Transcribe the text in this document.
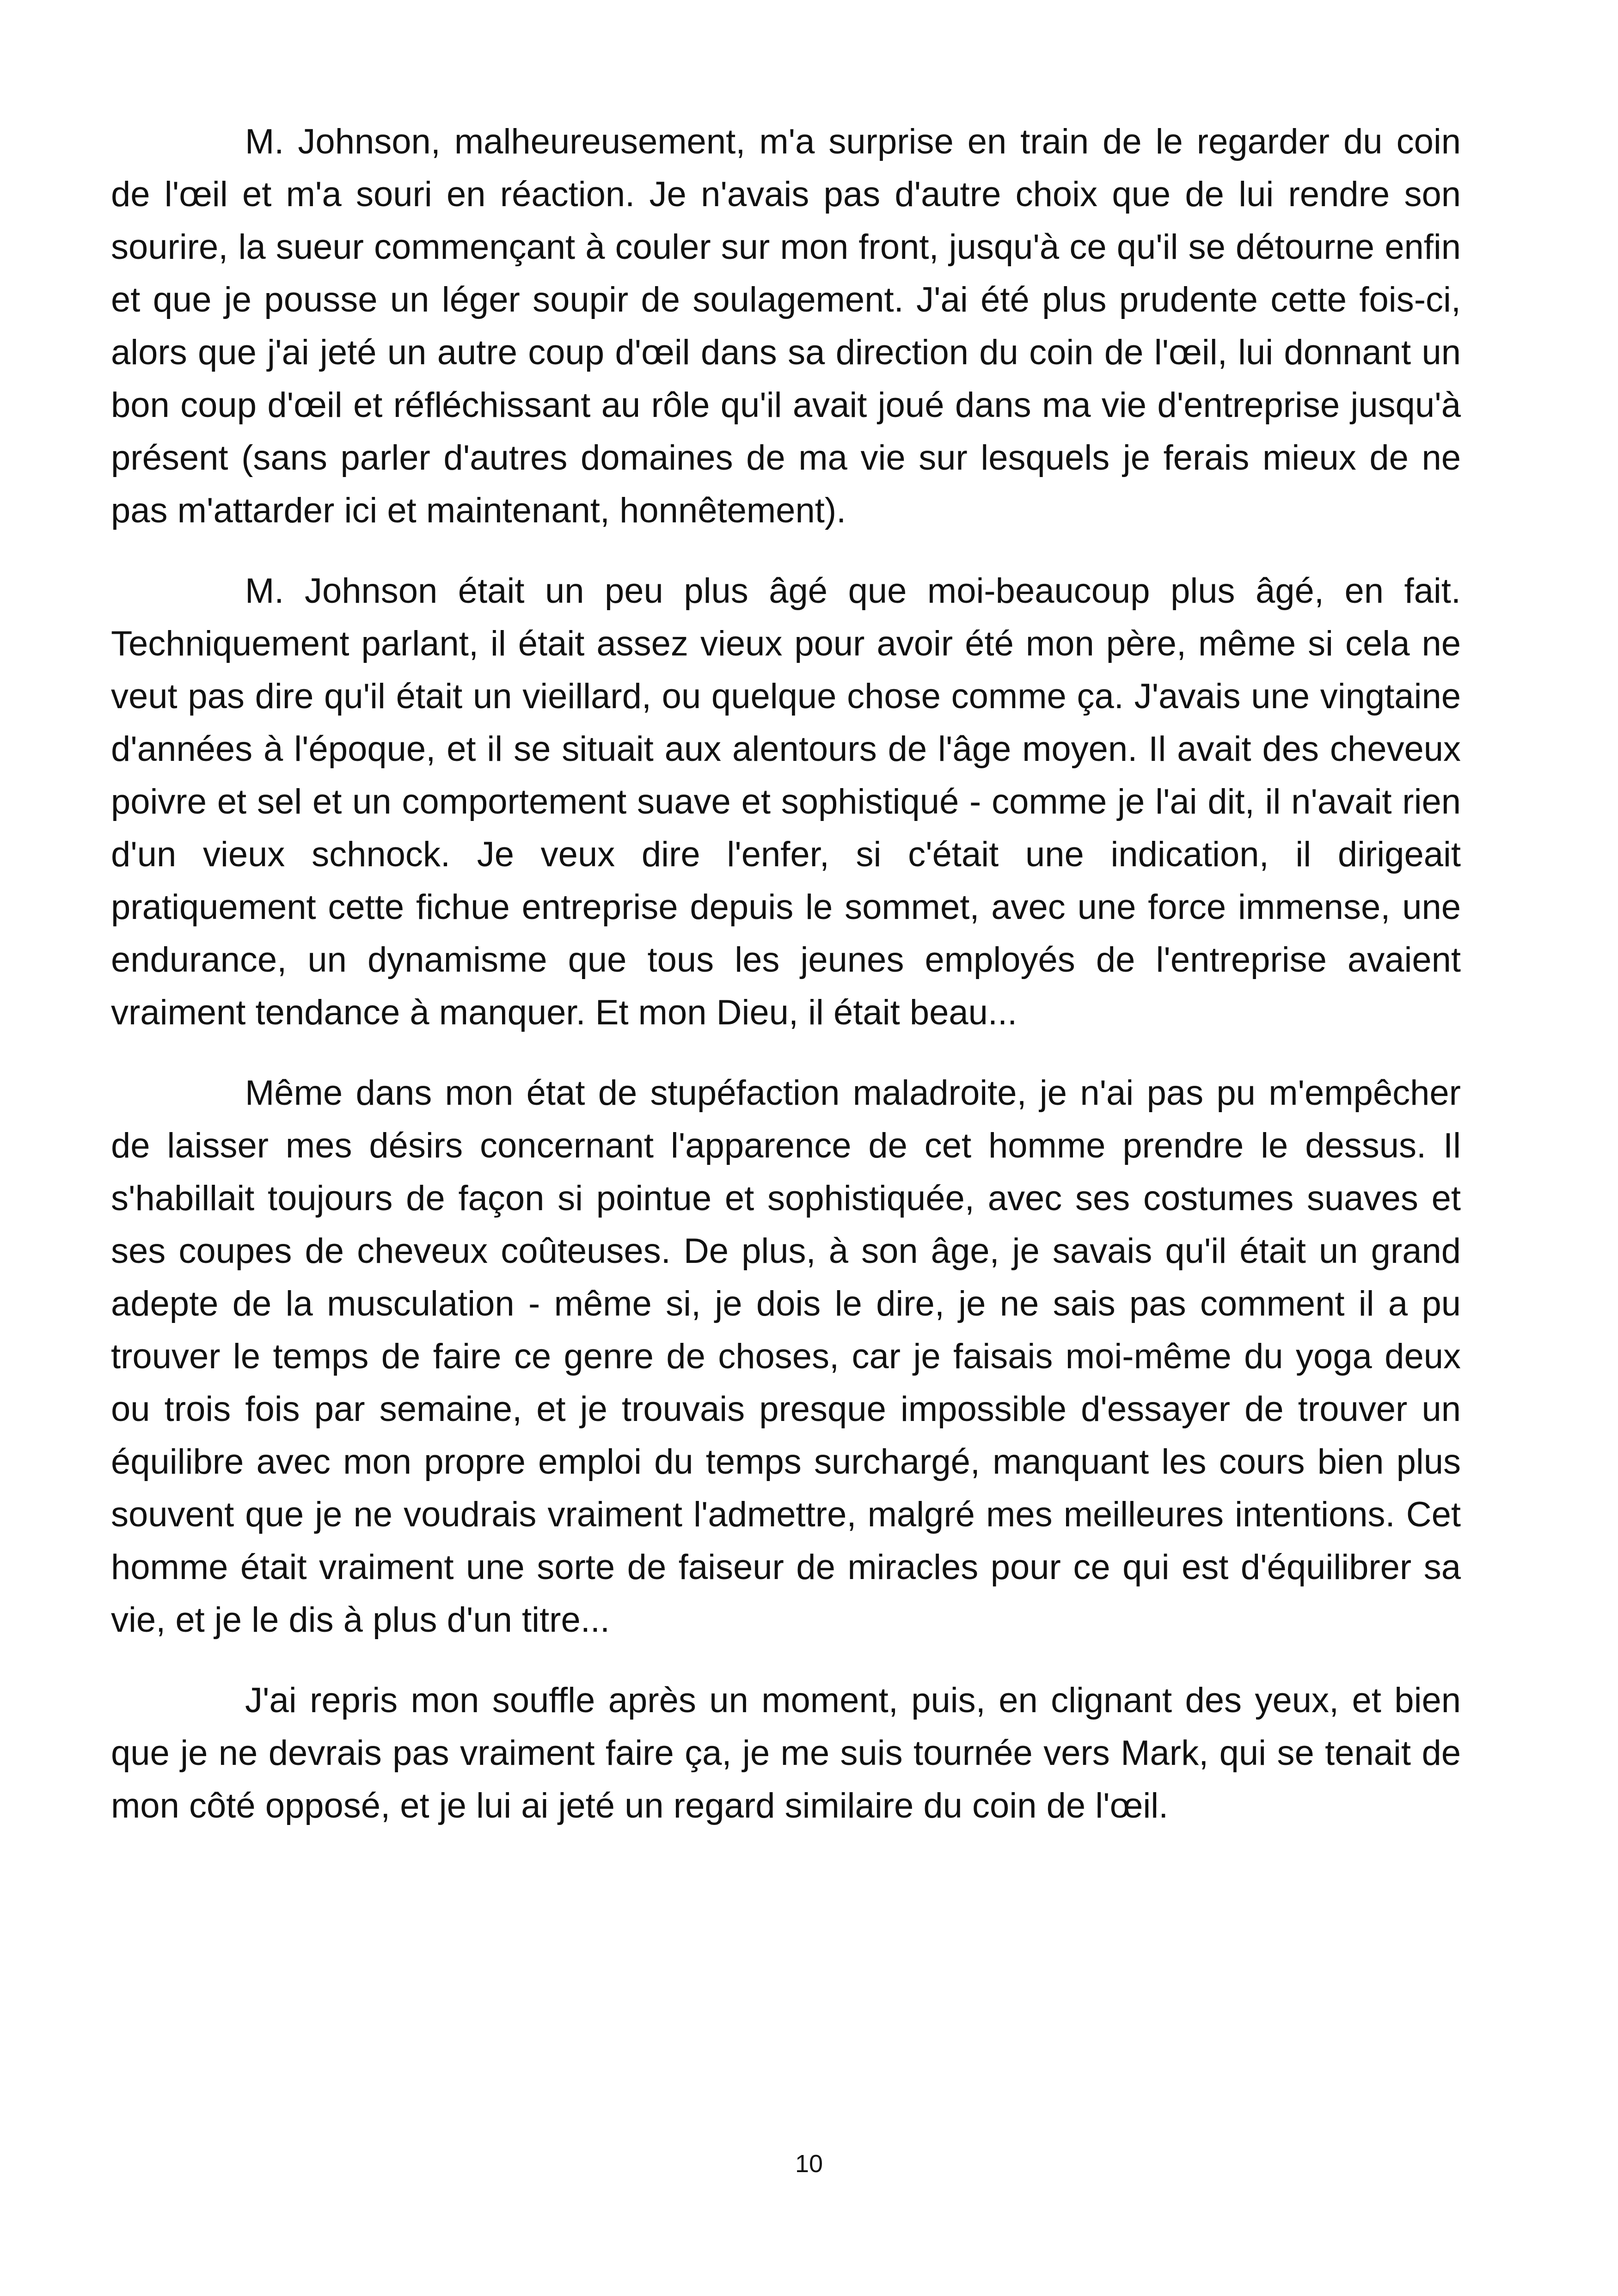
M. Johnson, malheureusement, m'a surprise en train de le regarder du coin de l'œil et m'a souri en réaction. Je n'avais pas d'autre choix que de lui rendre son sourire, la sueur commençant à couler sur mon front, jusqu'à ce qu'il se détourne enfin et que je pousse un léger soupir de soulagement. J'ai été plus prudente cette fois-ci, alors que j'ai jeté un autre coup d'œil dans sa direction du coin de l'œil, lui donnant un bon coup d'œil et réfléchissant au rôle qu'il avait joué dans ma vie d'entreprise jusqu'à présent (sans parler d'autres domaines de ma vie sur lesquels je ferais mieux de ne pas m'attarder ici et maintenant, honnêtement).

M. Johnson était un peu plus âgé que moi-beaucoup plus âgé, en fait. Techniquement parlant, il était assez vieux pour avoir été mon père, même si cela ne veut pas dire qu'il était un vieillard, ou quelque chose comme ça. J'avais une vingtaine d'années à l'époque, et il se situait aux alentours de l'âge moyen. Il avait des cheveux poivre et sel et un comportement suave et sophistiqué - comme je l'ai dit, il n'avait rien d'un vieux schnock. Je veux dire l'enfer, si c'était une indication, il dirigeait pratiquement cette fichue entreprise depuis le sommet, avec une force immense, une endurance, un dynamisme que tous les jeunes employés de l'entreprise avaient vraiment tendance à manquer. Et mon Dieu, il était beau...

Même dans mon état de stupéfaction maladroite, je n'ai pas pu m'empêcher de laisser mes désirs concernant l'apparence de cet homme prendre le dessus. Il s'habillait toujours de façon si pointue et sophistiquée, avec ses costumes suaves et ses coupes de cheveux coûteuses. De plus, à son âge, je savais qu'il était un grand adepte de la musculation - même si, je dois le dire, je ne sais pas comment il a pu trouver le temps de faire ce genre de choses, car je faisais moi-même du yoga deux ou trois fois par semaine, et je trouvais presque impossible d'essayer de trouver un équilibre avec mon propre emploi du temps surchargé, manquant les cours bien plus souvent que je ne voudrais vraiment l'admettre, malgré mes meilleures intentions. Cet homme était vraiment une sorte de faiseur de miracles pour ce qui est d'équilibrer sa vie, et je le dis à plus d'un titre...

J'ai repris mon souffle après un moment, puis, en clignant des yeux, et bien que je ne devrais pas vraiment faire ça, je me suis tournée vers Mark, qui se tenait de mon côté opposé, et je lui ai jeté un regard similaire du coin de l'œil.

10
